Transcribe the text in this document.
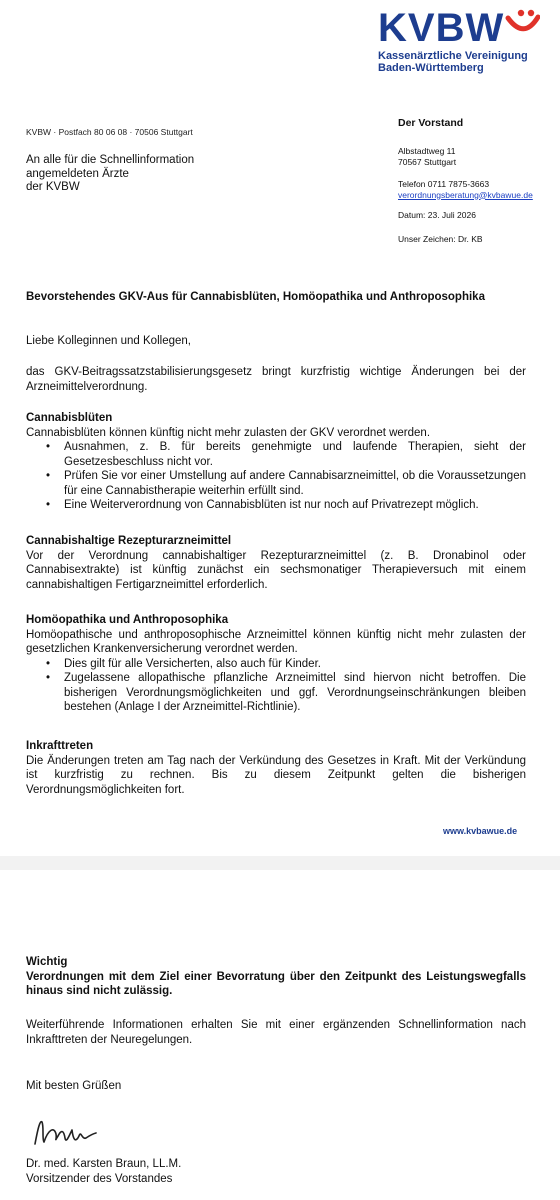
KVBW
Kassenärztliche Vereinigung
Baden-Württemberg
KVBW · Postfach 80 06 08 · 70506 Stuttgart
An alle für die Schnellinformation
angemeldeten Ärzte
der KVBW
Der Vorstand
Albstadtweg 11
70567 Stuttgart
Telefon 0711 7875-3663
verordnungsberatung@kvbawue.de
Datum: 23. Juli 2026
Unser Zeichen: Dr. KB
Bevorstehendes GKV-Aus für Cannabisblüten, Homöopathika und Anthroposophika
Liebe Kolleginnen und Kollegen,
das GKV-Beitragssatzstabilisierungsgesetz bringt kurzfristig wichtige Änderungen bei der Arzneimittelverordnung.
Cannabisblüten
Cannabisblüten können künftig nicht mehr zulasten der GKV verordnet werden.
• Ausnahmen, z. B. für bereits genehmigte und laufende Therapien, sieht der Gesetzesbeschluss nicht vor.
• Prüfen Sie vor einer Umstellung auf andere Cannabisarzneimittel, ob die Voraussetzungen für eine Cannabistherapie weiterhin erfüllt sind.
• Eine Weiterverordnung von Cannabisblüten ist nur noch auf Privatrezept möglich.
Cannabishaltige Rezepturarzneimittel
Vor der Verordnung cannabishaltiger Rezepturarzneimittel (z. B. Dronabinol oder Cannabisextrakte) ist künftig zunächst ein sechsmonatiger Therapieversuch mit einem cannabishaltigen Fertigarzneimittel erforderlich.
Homöopathika und Anthroposophika
Homöopathische und anthroposophische Arzneimittel können künftig nicht mehr zulasten der gesetzlichen Krankenversicherung verordnet werden.
• Dies gilt für alle Versicherten, also auch für Kinder.
• Zugelassene allopathische pflanzliche Arzneimittel sind hiervon nicht betroffen. Die bisherigen Verordnungsmöglichkeiten und ggf. Verordnungseinschränkungen bleiben bestehen (Anlage I der Arzneimittel-Richtlinie).
Inkrafttreten
Die Änderungen treten am Tag nach der Verkündung des Gesetzes in Kraft. Mit der Verkündung ist kurzfristig zu rechnen. Bis zu diesem Zeitpunkt gelten die bisherigen Verordnungsmöglichkeiten fort.
www.kvbawue.de
Wichtig
Verordnungen mit dem Ziel einer Bevorratung über den Zeitpunkt des Leistungswegfalls hinaus sind nicht zulässig.
Weiterführende Informationen erhalten Sie mit einer ergänzenden Schnellinformation nach Inkrafttreten der Neuregelungen.
Mit besten Grüßen
Dr. med. Karsten Braun, LL.M.
Vorsitzender des Vorstandes
